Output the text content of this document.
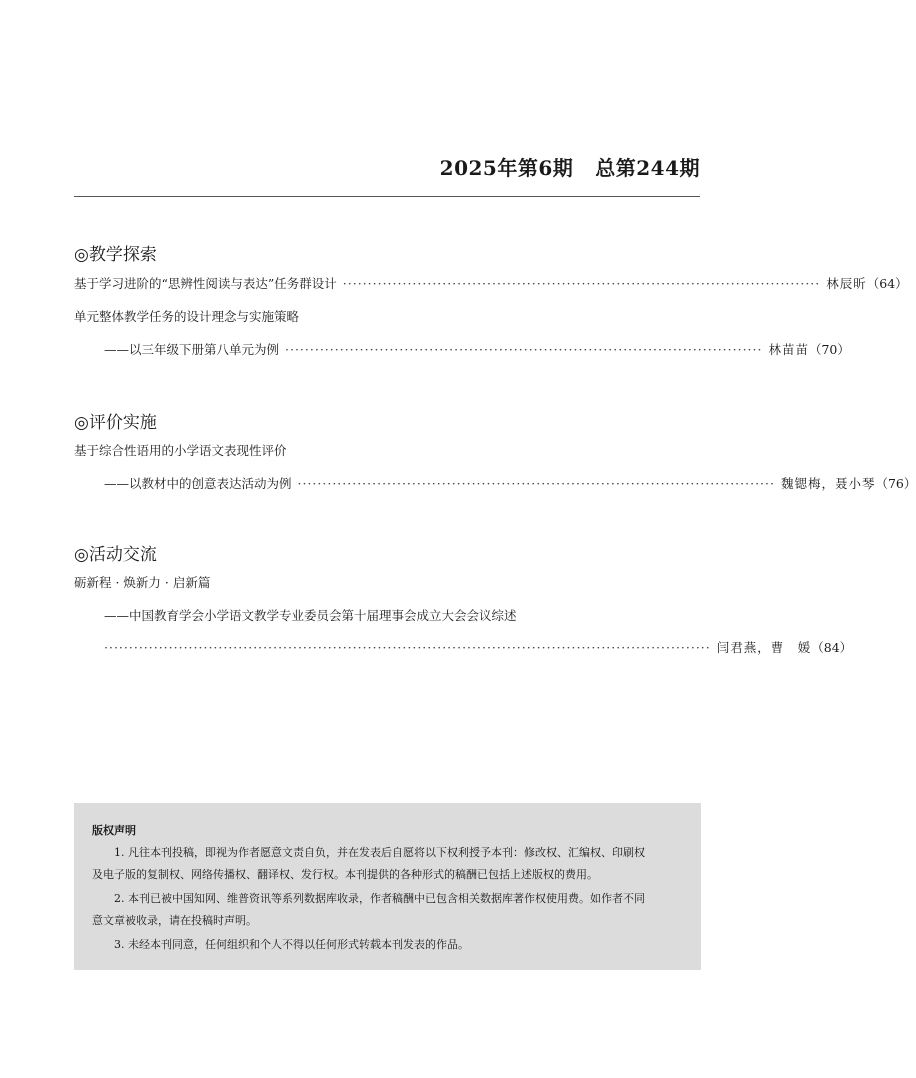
2025年第6期 总第244期
◎教学探索
基于学习进阶的“思辨性阅读与表达”任务群设计 ································································································ 林辰昕 （64）
单元整体教学任务的设计理念与实施策略
——以三年级下册第八单元为例 ································································································ 林苗苗 （70）
◎评价实施
基于综合性语用的小学语文表现性评价
——以教材中的创意表达活动为例 ································································································ 魏锶梅，聂小琴 （76）
◎活动交流
砺新程 · 焕新力 · 启新篇
——中国教育学会小学语文教学专业委员会第十届理事会成立大会会议综述
·························································································································· 闫君燕，曹　媛 （84）
版权声明
1. 凡往本刊投稿，即视为作者愿意文责自负，并在发表后自愿将以下权利授予本刊：修改权、汇编权、印刷权
及电子版的复制权、网络传播权、翻译权、发行权。本刊提供的各种形式的稿酬已包括上述版权的费用。
2. 本刊已被中国知网、维普资讯等系列数据库收录，作者稿酬中已包含相关数据库著作权使用费。如作者不同
意文章被收录，请在投稿时声明。
3. 未经本刊同意，任何组织和个人不得以任何形式转载本刊发表的作品。
